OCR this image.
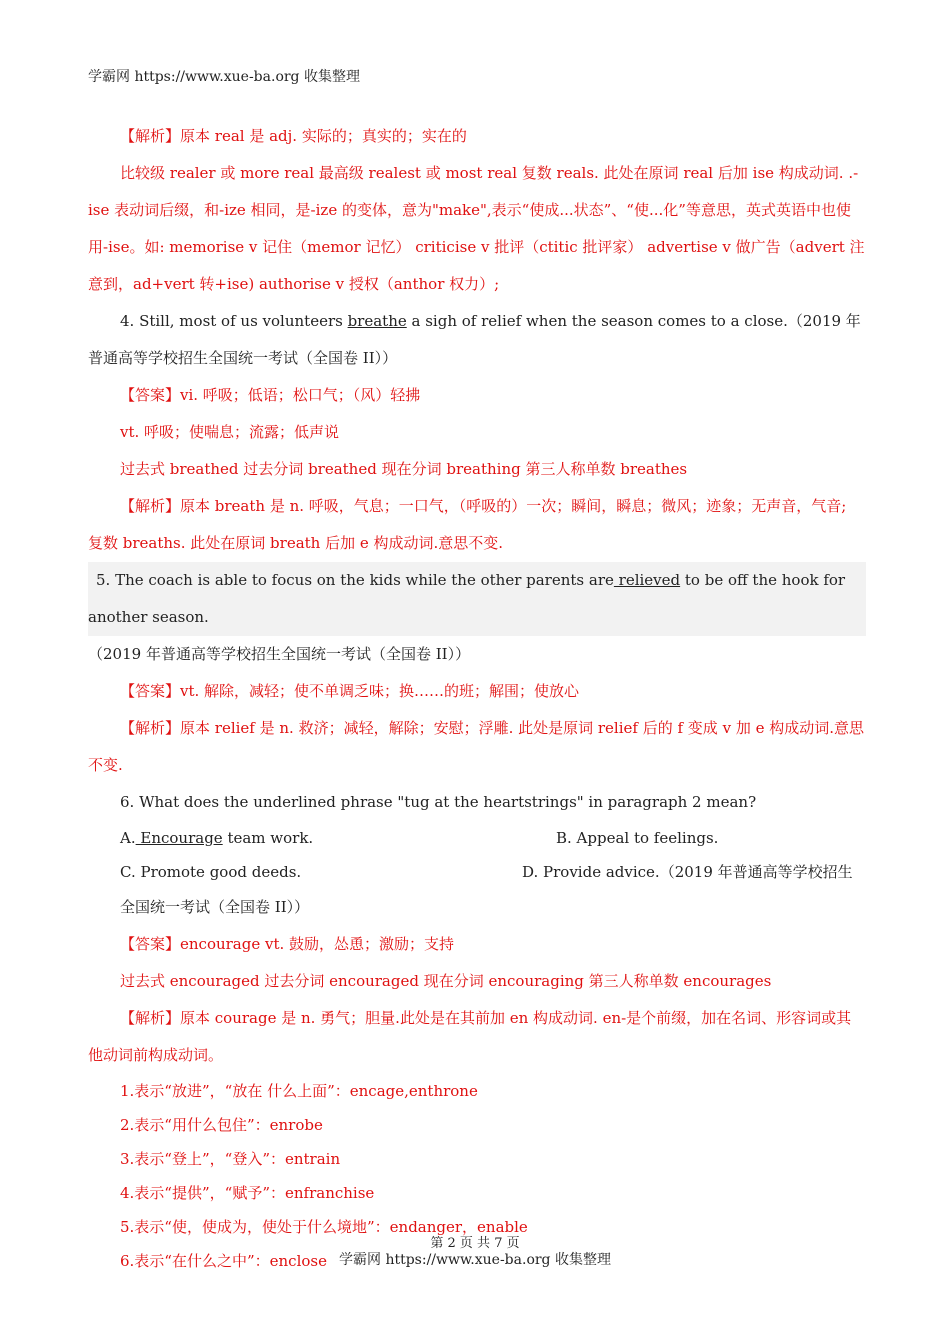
学霸网 https://www.xue-ba.org 收集整理

【解析】原本 real 是 adj. 实际的；真实的；实在的

比较级 realer 或 more real 最高级 realest 或 most real 复数 reals. 此处在原词 real 后加 ise 构成动词. .-ise 表动词后缀，和-ize 相同，是-ize 的变体，意为"make",表示“使成...状态”、“使...化”等意思，英式英语中也使用-ise。如: memorise v 记住（memor 记忆） criticise v 批评（ctitic 批评家） advertise v 做广告（advert 注意到，ad+vert 转+ise) authorise v 授权（anthor 权力）;

4. Still, most of us volunteers breathe a sigh of relief when the season comes to a close.（2019 年普通高等学校招生全国统一考试（全国卷 II））

【答案】vi. 呼吸；低语；松口气；（风）轻拂

vt. 呼吸；使喘息；流露；低声说

过去式 breathed 过去分词 breathed 现在分词 breathing 第三人称单数 breathes

【解析】原本 breath 是 n. 呼吸，气息；一口气，（呼吸的）一次；瞬间，瞬息；微风；迹象；无声音，气音; 复数 breaths. 此处在原词 breath 后加 e 构成动词.意思不变.

5. The coach is able to focus on the kids while the other parents are relieved to be off the hook for another season.

（2019 年普通高等学校招生全国统一考试（全国卷 II））

【答案】vt. 解除，减轻；使不单调乏味；换……的班；解围；使放心

【解析】原本 relief 是 n. 救济；减轻，解除；安慰；浮雕. 此处是原词 relief 后的 f 变成 v 加 e 构成动词.意思不变.

6. What does the underlined phrase "tug at the heartstrings" in paragraph 2 mean?

A. Encourage team work.	B. Appeal to feelings.
C. Promote good deeds.	D. Provide advice.（2019 年普通高等学校招生

全国统一考试（全国卷 II））

【答案】encourage vt. 鼓励，怂恿；激励；支持

过去式 encouraged 过去分词 encouraged 现在分词 encouraging 第三人称单数 encourages

【解析】原本 courage 是 n. 勇气；胆量.此处是在其前加 en 构成动词. en-是个前缀，加在名词、形容词或其他动词前构成动词。

1.表示“放进”，“放在 什么上面”：encage,enthrone

2.表示“用什么包住”：enrobe

3.表示“登上”，“登入”：entrain

4.表示“提供”，“赋予”：enfranchise

5.表示“使，使成为，使处于什么境地”：endanger，enable

6.表示“在什么之中”：enclose

第 2 页 共 7 页
学霸网 https://www.xue-ba.org 收集整理
